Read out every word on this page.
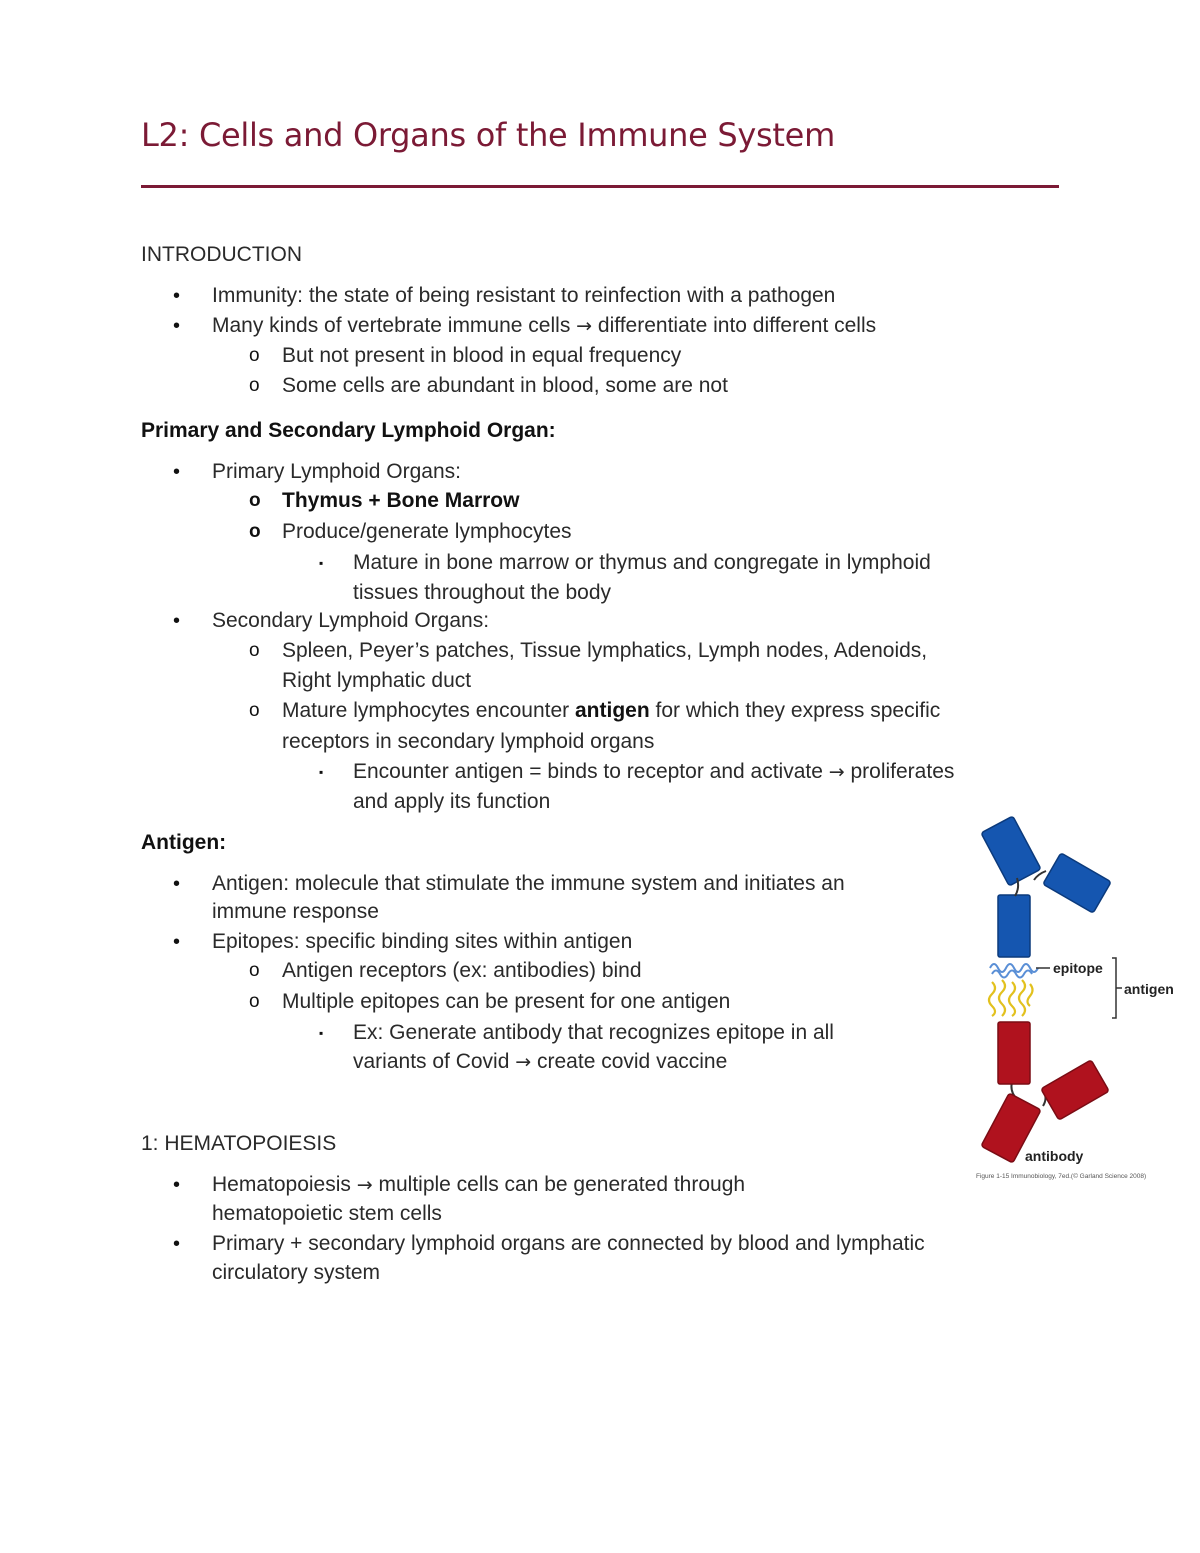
L2: Cells and Organs of the Immune System
INTRODUCTION
• Immunity: the state of being resistant to reinfection with a pathogen
• Many kinds of vertebrate immune cells → differentiate into different cells
o But not present in blood in equal frequency
o Some cells are abundant in blood, some are not
Primary and Secondary Lymphoid Organ:
• Primary Lymphoid Organs:
o Thymus + Bone Marrow
o Produce/generate lymphocytes
▪ Mature in bone marrow or thymus and congregate in lymphoid
tissues throughout the body
• Secondary Lymphoid Organs:
o Spleen, Peyer’s patches, Tissue lymphatics, Lymph nodes, Adenoids,
Right lymphatic duct
o Mature lymphocytes encounter antigen for which they express specific
receptors in secondary lymphoid organs
▪ Encounter antigen = binds to receptor and activate → proliferates
and apply its function
Antigen:
• Antigen: molecule that stimulate the immune system and initiates an
immune response
• Epitopes: specific binding sites within antigen
o Antigen receptors (ex: antibodies) bind
o Multiple epitopes can be present for one antigen
▪ Ex: Generate antibody that recognizes epitope in all
variants of Covid → create covid vaccine
1: HEMATOPOIESIS
• Hematopoiesis → multiple cells can be generated through
hematopoietic stem cells
• Primary + secondary lymphoid organs are connected by blood and lymphatic
circulatory system
epitope
antigen
antibody
Figure 1-15 Immunobiology, 7ed.(© Garland Science 2008)
